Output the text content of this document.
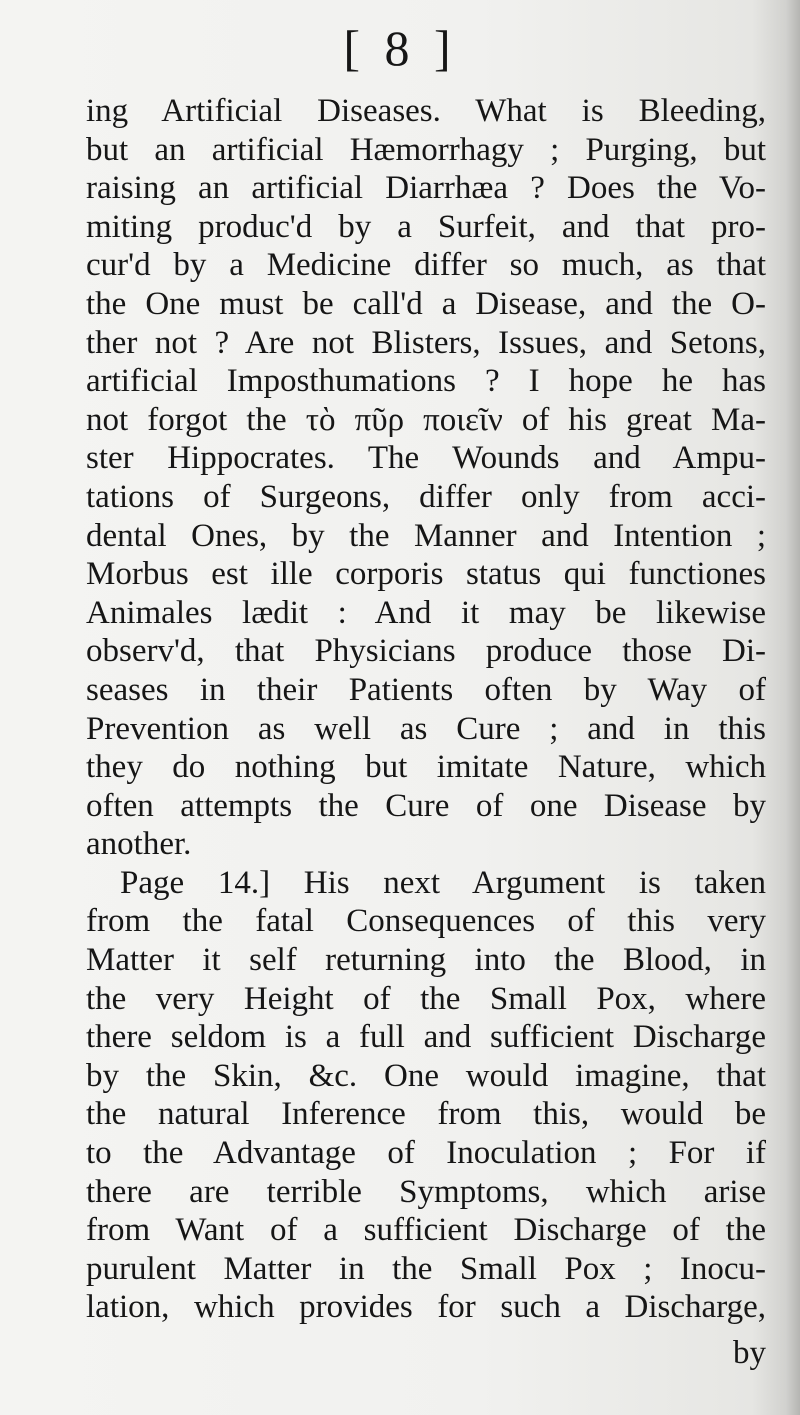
[ 8 ]
ing Artificial Diseases. What is Bleeding,
but an artificial Hæmorrhagy ; Purging, but
raising an artificial Diarrhæa ? Does the Vo-
miting produc'd by a Surfeit, and that pro-
cur'd by a Medicine differ so much, as that
the One must be call'd a Disease, and the O-
ther not ? Are not Blisters, Issues, and Setons,
artificial Imposthumations ? I hope he has
not forgot the τὸ πῦρ ποιεῖν of his great Ma-
ster Hippocrates. The Wounds and Ampu-
tations of Surgeons, differ only from acci-
dental Ones, by the Manner and Intention ;
Morbus est ille corporis status qui functiones
Animales lædit : And it may be likewise
observ'd, that Physicians produce those Di-
seases in their Patients often by Way of
Prevention as well as Cure ; and in this
they do nothing but imitate Nature, which
often attempts the Cure of one Disease by
another.
Page 14.] His next Argument is taken
from the fatal Consequences of this very
Matter it self returning into the Blood, in
the very Height of the Small Pox, where
there seldom is a full and sufficient Discharge
by the Skin, &c. One would imagine, that
the natural Inference from this, would be
to the Advantage of Inoculation ; For if
there are terrible Symptoms, which arise
from Want of a sufficient Discharge of the
purulent Matter in the Small Pox ; Inocu-
lation, which provides for such a Discharge,
by
